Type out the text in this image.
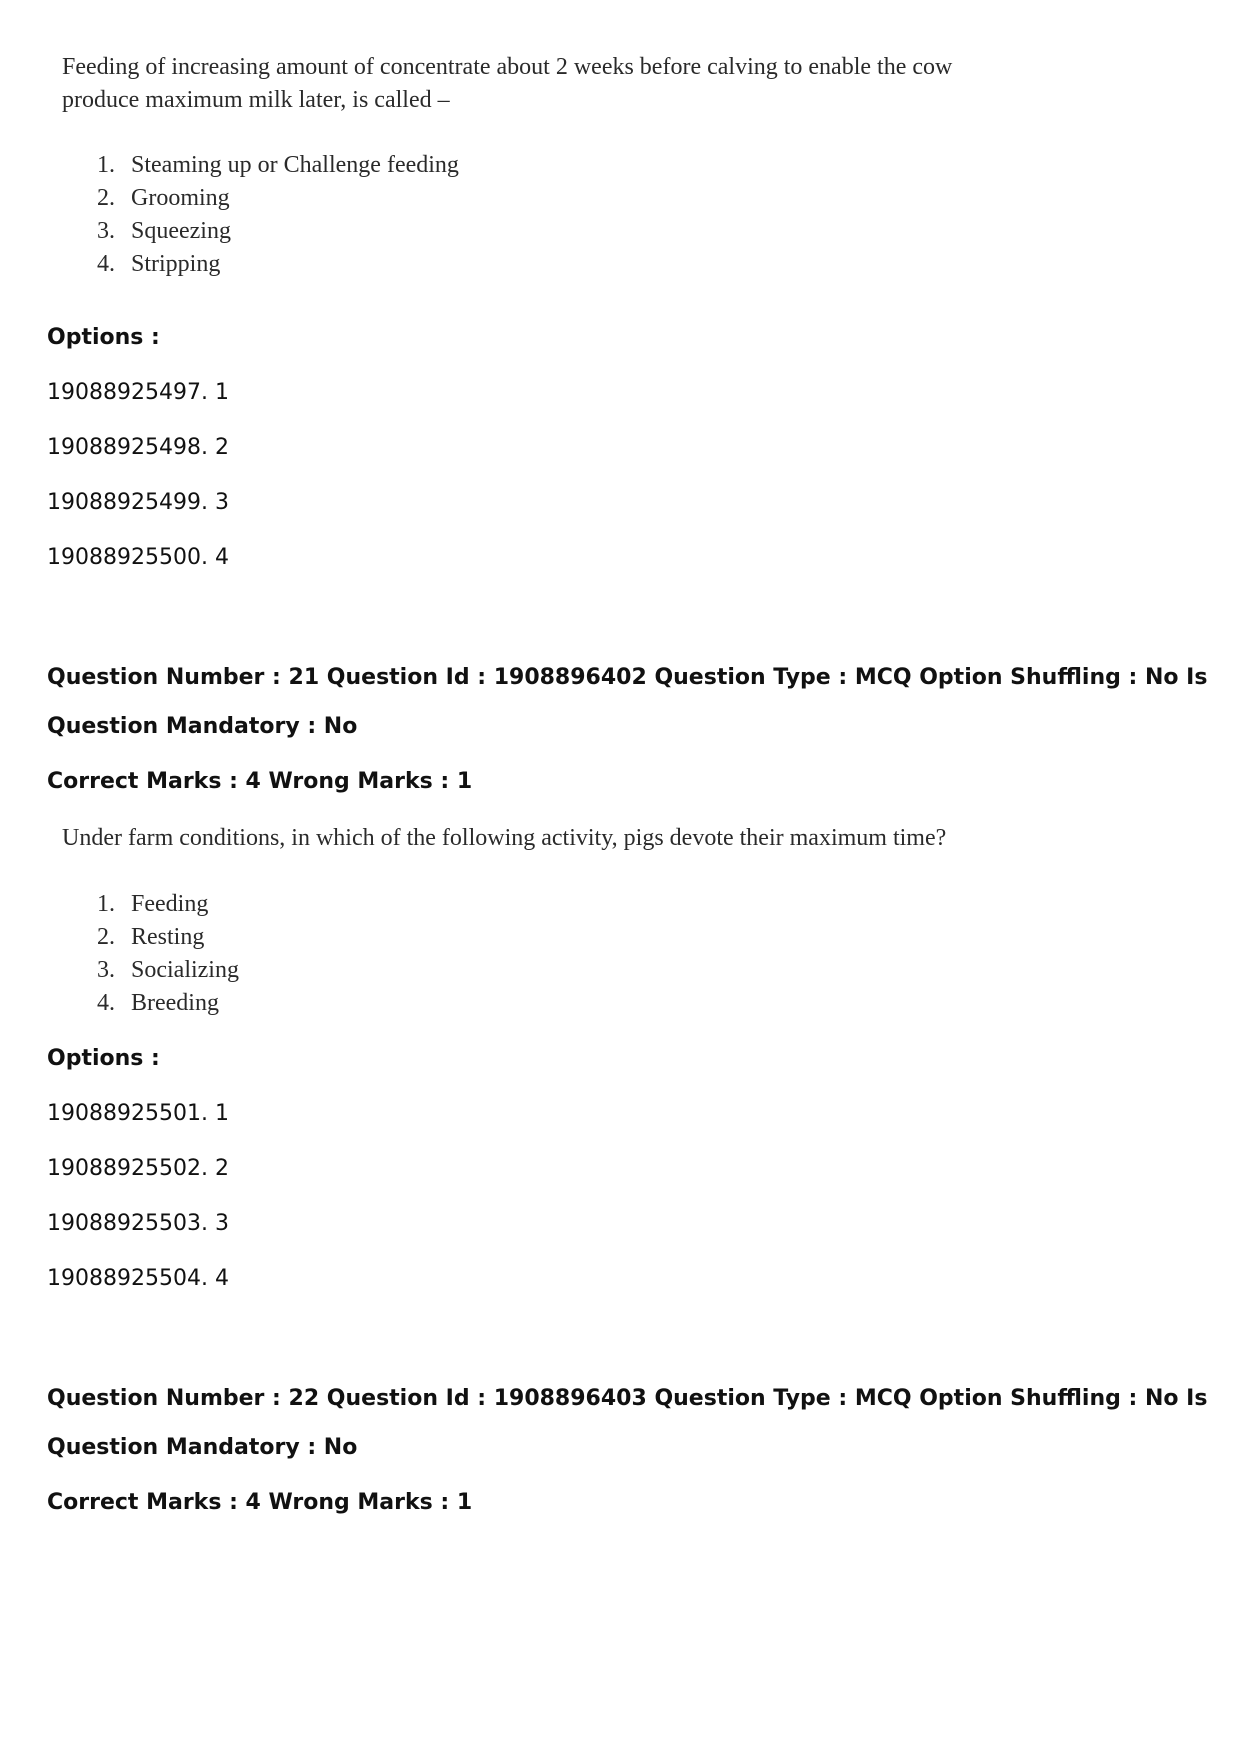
Feeding of increasing amount of concentrate about 2 weeks before calving to enable the cow
produce maximum milk later, is called –
1. Steaming up or Challenge feeding
2. Grooming
3. Squeezing
4. Stripping
Options :
19088925497. 1
19088925498. 2
19088925499. 3
19088925500. 4
Question Number : 21 Question Id : 1908896402 Question Type : MCQ Option Shuffling : No Is
Question Mandatory : No
Correct Marks : 4 Wrong Marks : 1
Under farm conditions, in which of the following activity, pigs devote their maximum time?
1. Feeding
2. Resting
3. Socializing
4. Breeding
Options :
19088925501. 1
19088925502. 2
19088925503. 3
19088925504. 4
Question Number : 22 Question Id : 1908896403 Question Type : MCQ Option Shuffling : No Is
Question Mandatory : No
Correct Marks : 4 Wrong Marks : 1
